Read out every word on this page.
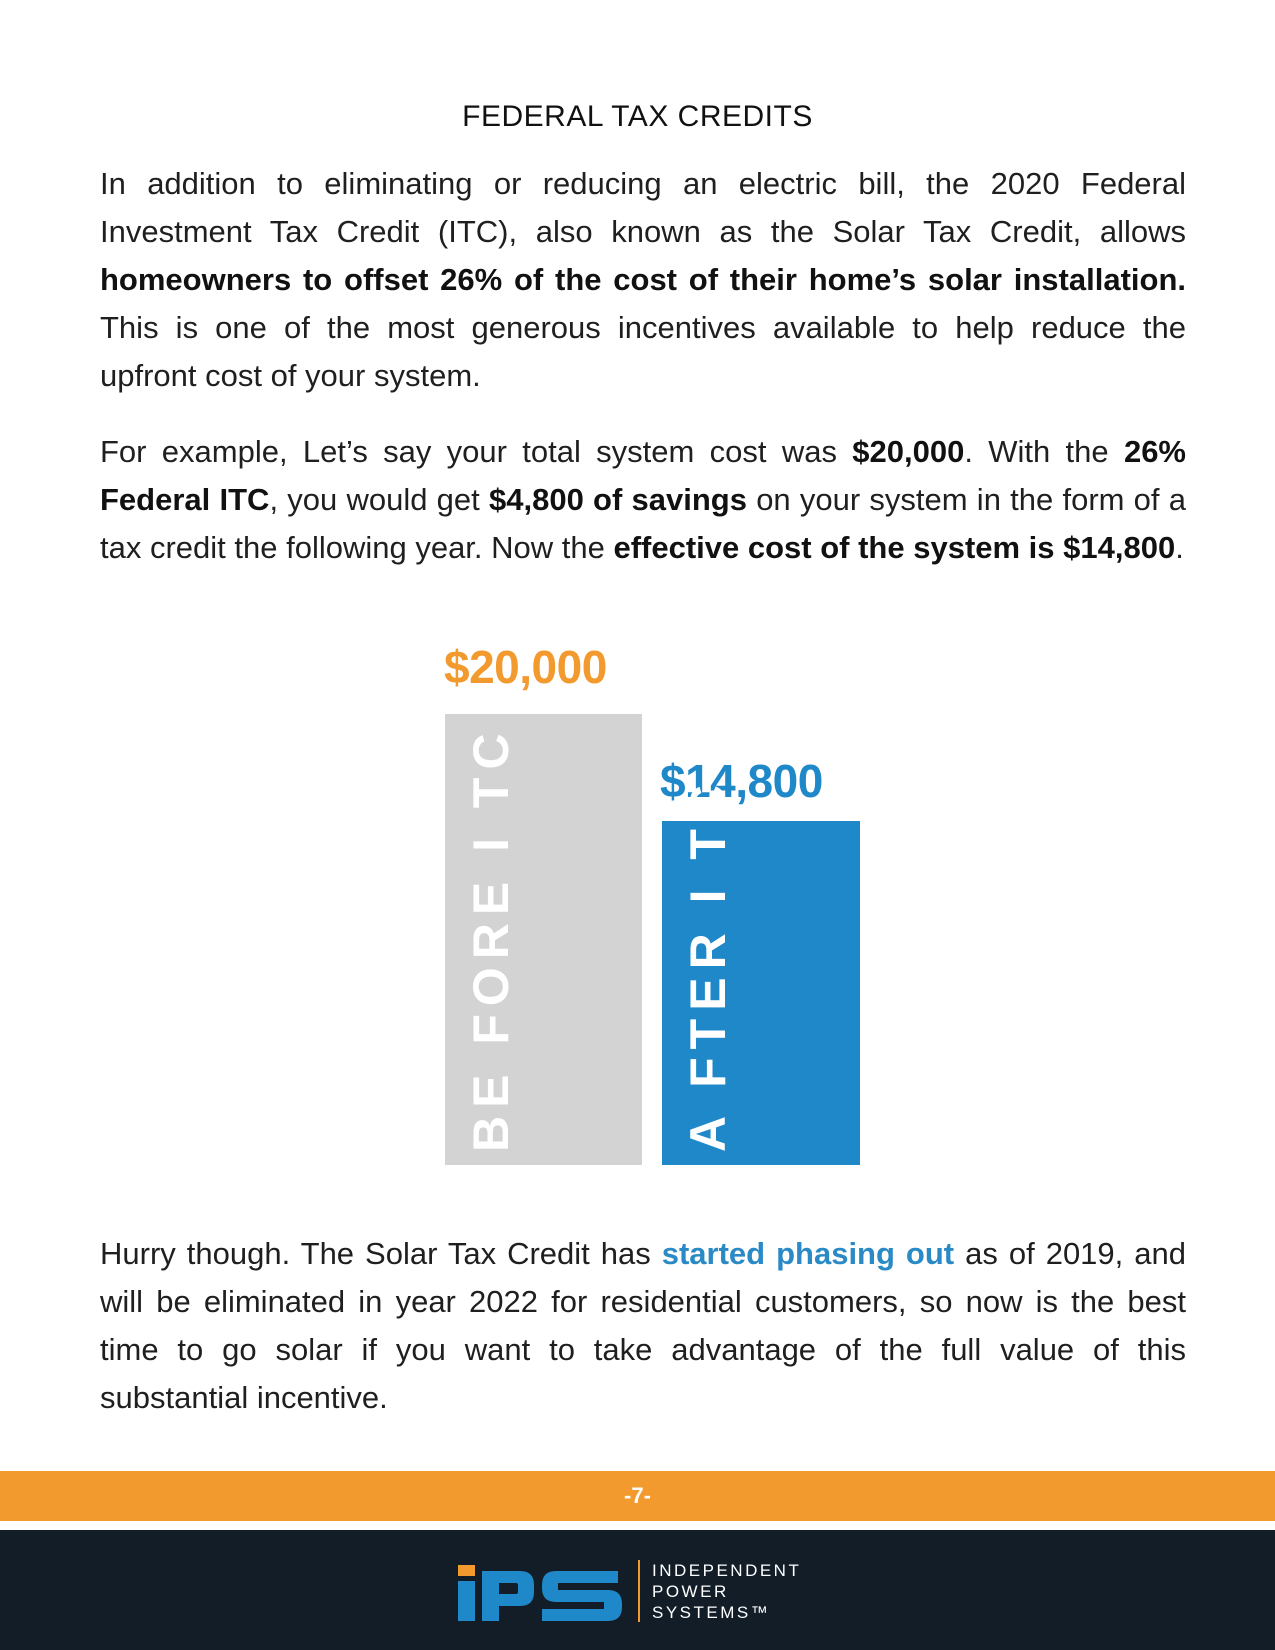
FEDERAL TAX CREDITS

In addition to eliminating or reducing an electric bill, the 2020 Federal Investment Tax Credit (ITC), also known as the Solar Tax Credit, allows homeowners to offset 26% of the cost of their home’s solar installation. This is one of the most generous incentives available to help reduce the upfront cost of your system.

For example, Let’s say your total system cost was $20,000. With the 26% Federal ITC, you would get $4,800 of savings on your system in the form of a tax credit the following year. Now the effective cost of the system is $14,800.

$20,000
BE FORE I TC	$14,800
A FTER I TC

Hurry though. The Solar Tax Credit has started phasing out as of 2019, and will be eliminated in year 2022 for residential customers, so now is the best time to go solar if you want to take advantage of the full value of this substantial incentive.

-7-
INDEPENDENT
POWER
SYSTEMS™
